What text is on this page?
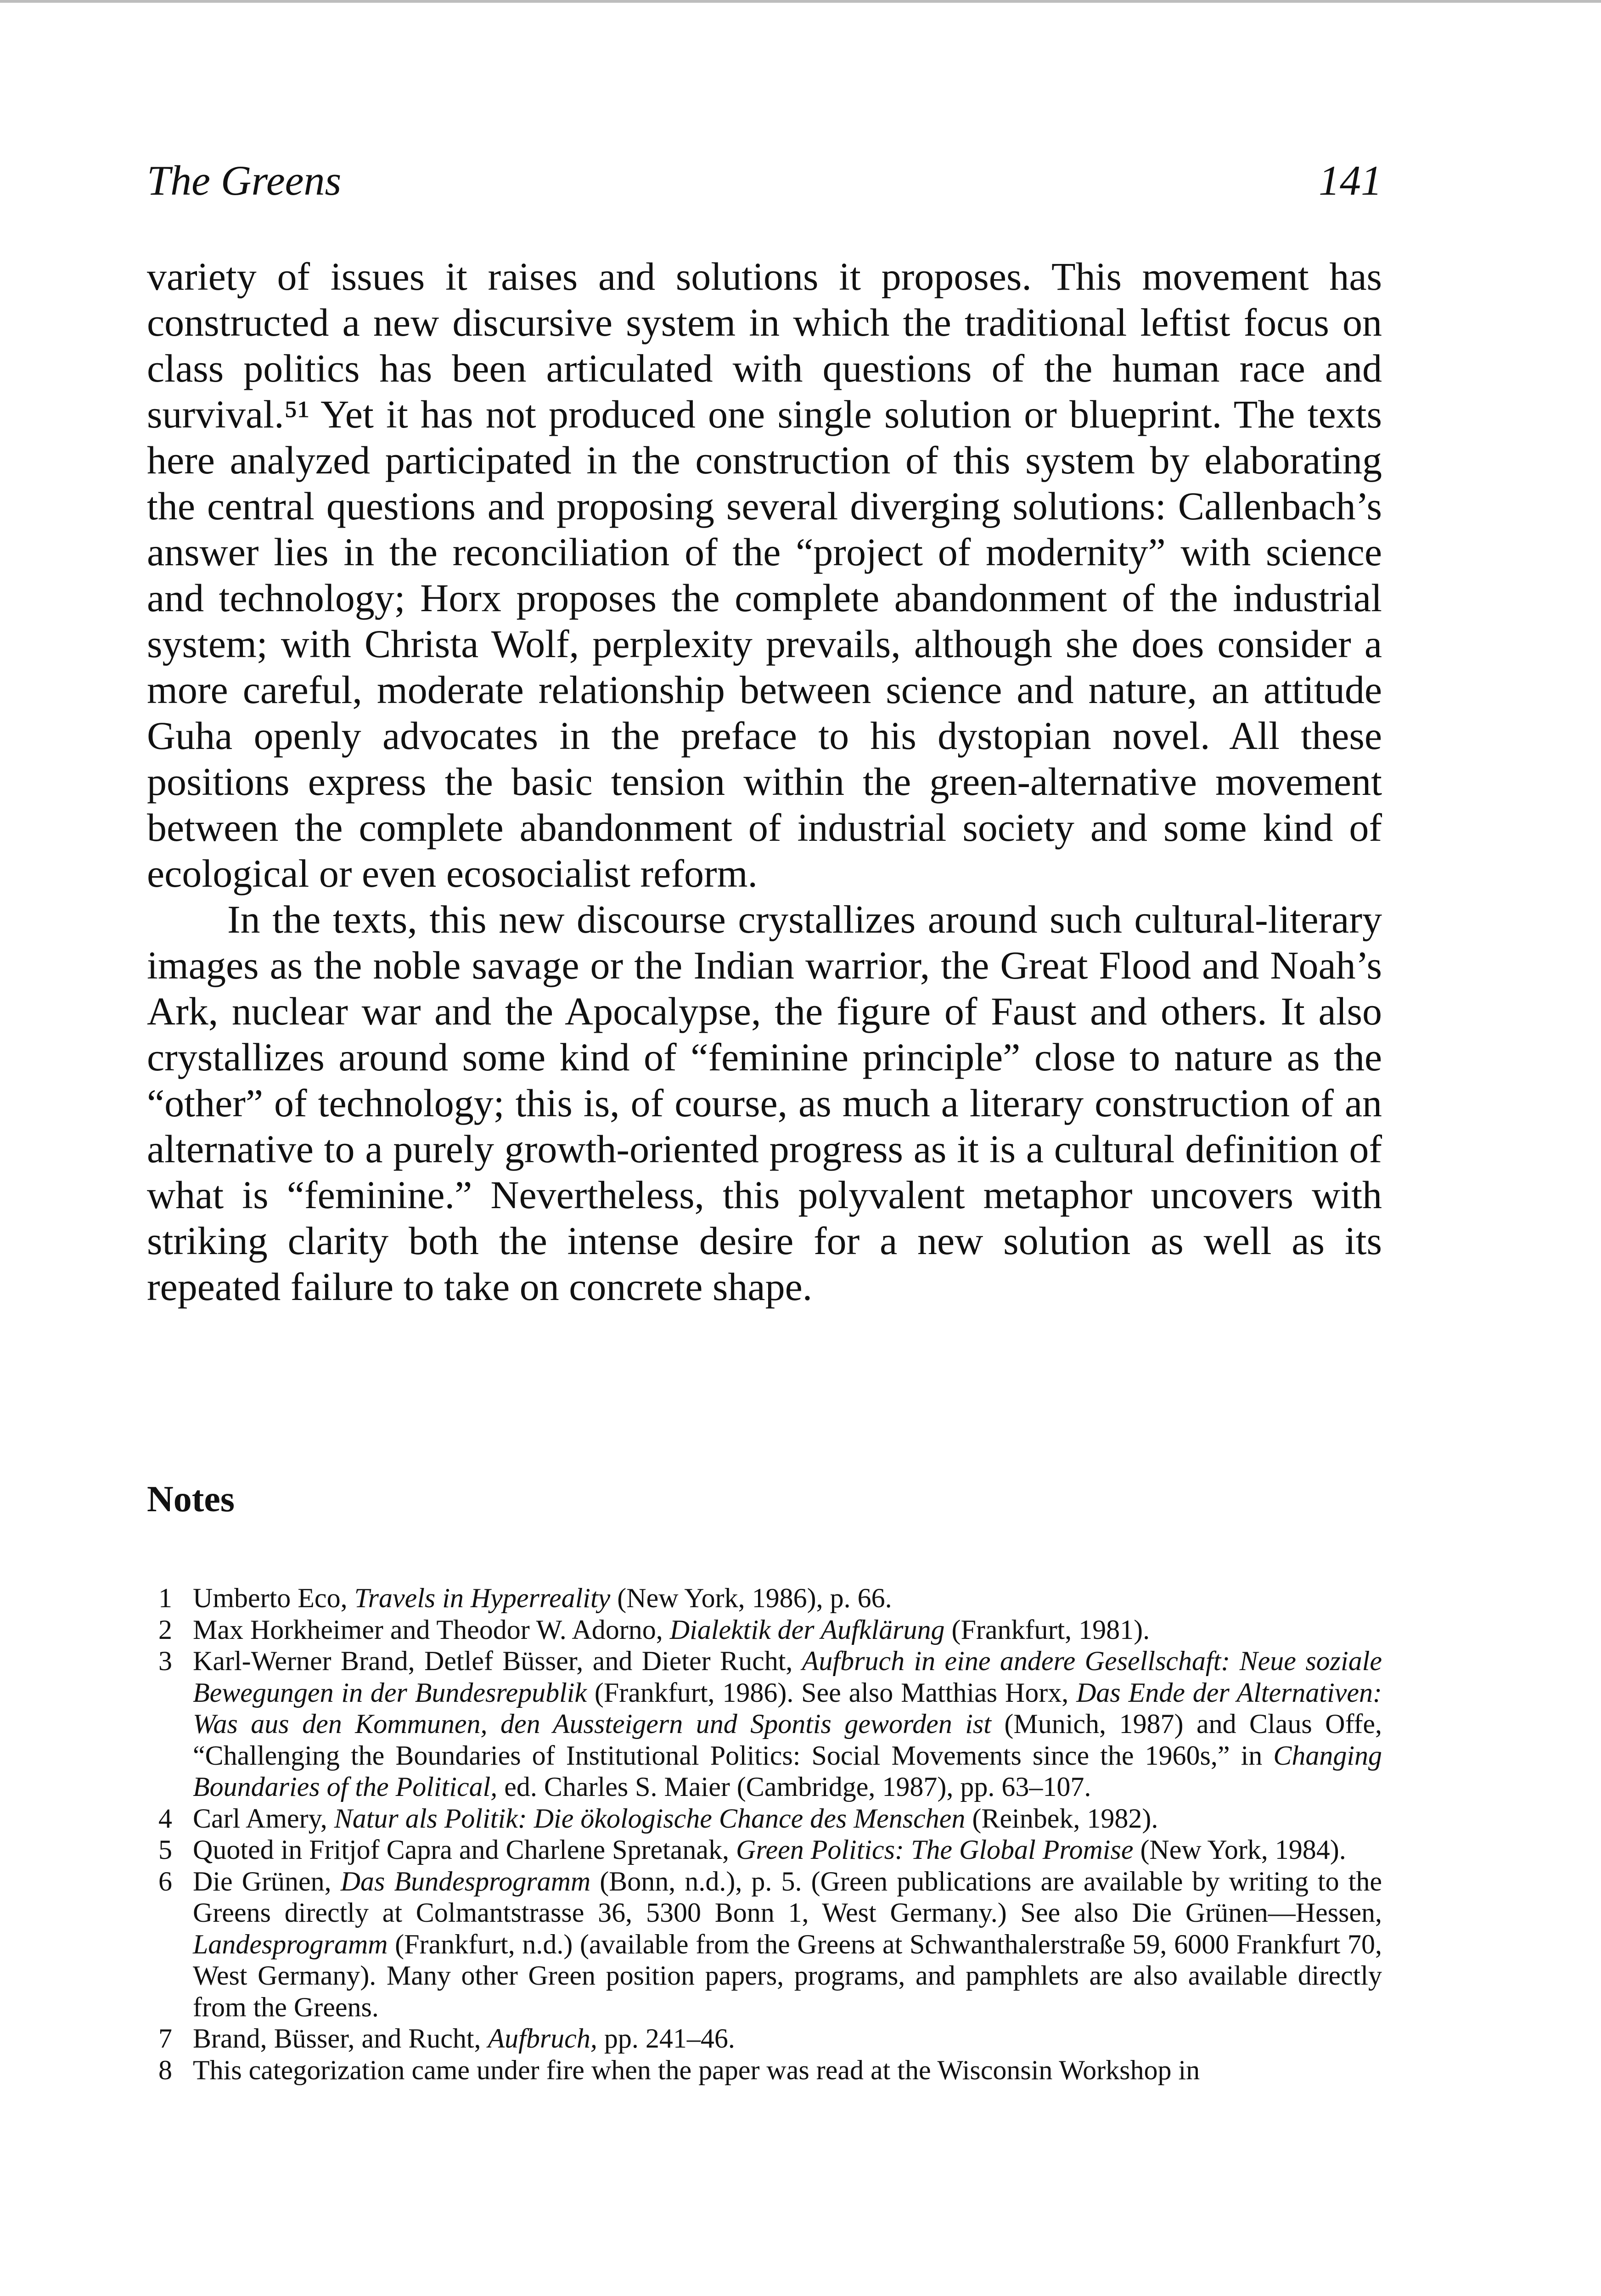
The Greens	141

variety of issues it raises and solutions it proposes. This movement has constructed a new discursive system in which the traditional leftist focus on class politics has been articulated with questions of the human race and survival.⁵¹ Yet it has not produced one single solution or blueprint. The texts here analyzed participated in the construction of this system by elaborating the central questions and proposing several diverging solutions: Callenbach’s answer lies in the reconciliation of the “project of modernity” with science and technology; Horx proposes the complete abandonment of the industrial system; with Christa Wolf, perplexity prevails, although she does consider a more careful, moderate relationship between science and nature, an attitude Guha openly advocates in the preface to his dystopian novel. All these positions express the basic tension within the green-alternative movement between the complete abandonment of industrial society and some kind of ecological or even ecosocialist reform.

In the texts, this new discourse crystallizes around such cultural-literary images as the noble savage or the Indian warrior, the Great Flood and Noah’s Ark, nuclear war and the Apocalypse, the figure of Faust and others. It also crystallizes around some kind of “feminine principle” close to nature as the “other” of technology; this is, of course, as much a literary construction of an alternative to a purely growth-oriented progress as it is a cultural definition of what is “feminine.” Nevertheless, this polyvalent metaphor uncovers with striking clarity both the intense desire for a new solution as well as its repeated failure to take on concrete shape.

Notes
1 Umberto Eco, Travels in Hyperreality (New York, 1986), p. 66.
2 Max Horkheimer and Theodor W. Adorno, Dialektik der Aufklärung (Frankfurt, 1981).
3 Karl-Werner Brand, Detlef Büsser, and Dieter Rucht, Aufbruch in eine andere Gesellschaft: Neue soziale Bewegungen in der Bundesrepublik (Frankfurt, 1986). See also Matthias Horx, Das Ende der Alternativen: Was aus den Kommunen, den Aussteigern und Spontis geworden ist (Munich, 1987) and Claus Offe, “Challenging the Boundaries of Institutional Politics: Social Movements since the 1960s,” in Changing Boundaries of the Political, ed. Charles S. Maier (Cambridge, 1987), pp. 63–107.
4 Carl Amery, Natur als Politik: Die ökologische Chance des Menschen (Reinbek, 1982).
5 Quoted in Fritjof Capra and Charlene Spretanak, Green Politics: The Global Promise (New York, 1984).
6 Die Grünen, Das Bundesprogramm (Bonn, n.d.), p. 5. (Green publications are available by writing to the Greens directly at Colmantstrasse 36, 5300 Bonn 1, West Germany.) See also Die Grünen—Hessen, Landesprogramm (Frankfurt, n.d.) (available from the Greens at Schwanthalerstraße 59, 6000 Frankfurt 70, West Germany). Many other Green position papers, programs, and pamphlets are also available directly from the Greens.
7 Brand, Büsser, and Rucht, Aufbruch, pp. 241–46.
8 This categorization came under fire when the paper was read at the Wisconsin Workshop in
